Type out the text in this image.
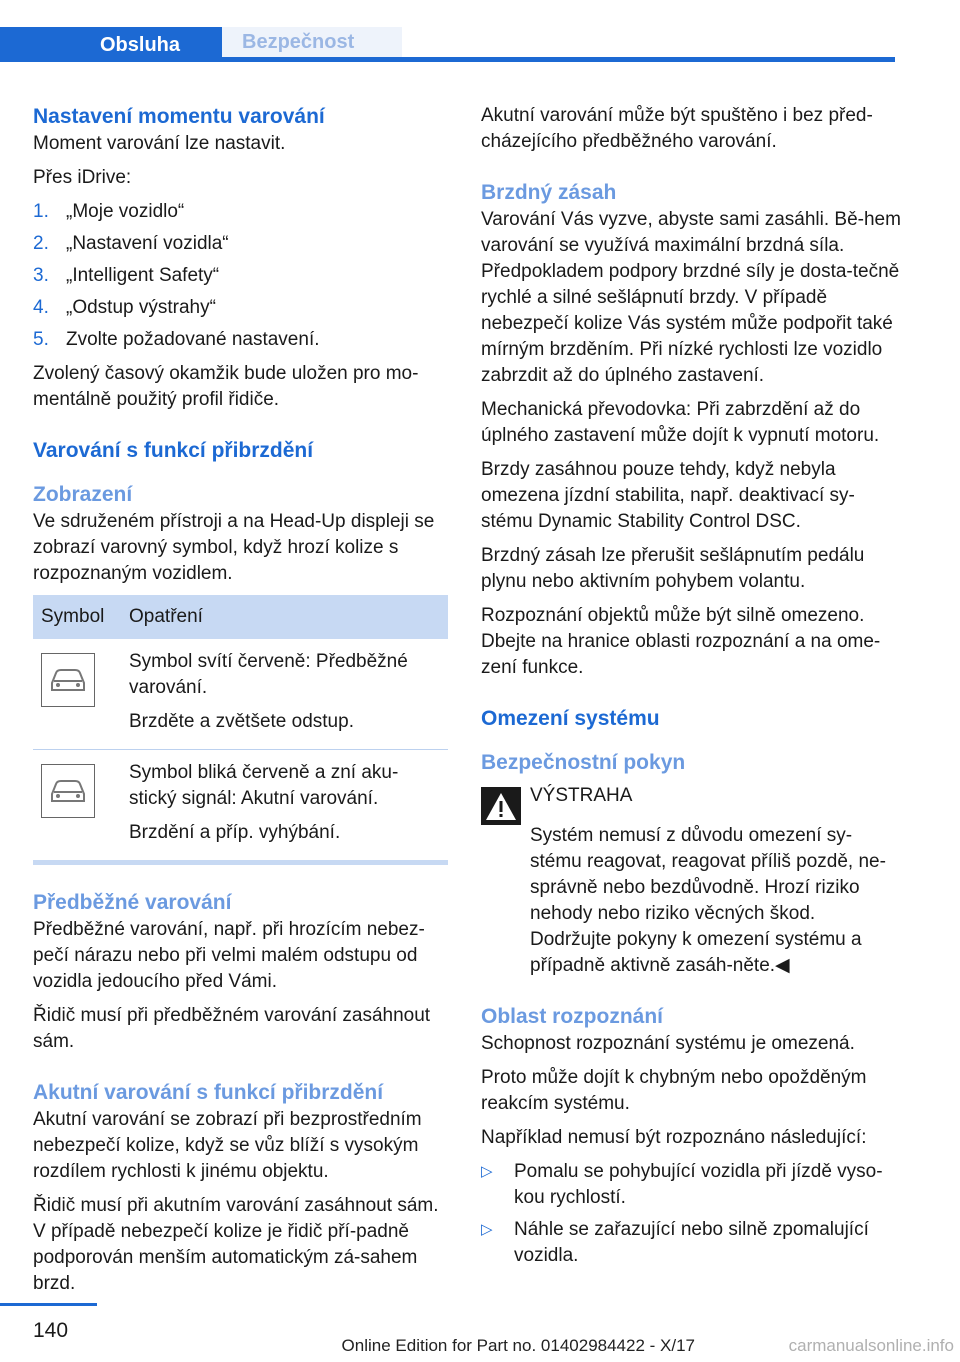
Obsluha	Bezpečnost
Nastavení momentu varování

Moment varování lze nastavit.

Přes iDrive:

1. „Moje vozidlo“
2. „Nastavení vozidla“
3. „Intelligent Safety“
4. „Odstup výstrahy“
5. Zvolte požadované nastavení.

Zvolený časový okamžik bude uložen pro mo‐mentálně použitý profil řidiče.

Varování s funkcí přibrzdění
Zobrazení

Ve sdruženém přístroji a na Head-Up displeji se zobrazí varovný symbol, když hrozí kolize s rozpoznaným vozidlem.

Symbol	Opatření

Symbol svítí červeně: Předběžné varování.

Brzděte a zvětšete odstup.

Symbol bliká červeně a zní aku‐stický signál: Akutní varování.

Brzdění a příp. vyhýbání.

Předběžné varování

Předběžné varování, např. při hrozícím nebez‐pečí nárazu nebo při velmi malém odstupu od vozidla jedoucího před Vámi.

Řidič musí při předběžném varování zasáhnout sám.

Akutní varování s funkcí přibrzdění

Akutní varování se zobrazí při bezprostředním nebezpečí kolize, když se vůz blíží s vysokým rozdílem rychlosti k jinému objektu.

Řidič musí při akutním varování zasáhnout sám. V případě nebezpečí kolize je řidič pří‐padně podporován menším automatickým zá‐sahem brzd.

Akutní varování může být spuštěno i bez před‐cházejícího předběžného varování.

Brzdný zásah

Varování Vás vyzve, abyste sami zasáhli. Bě‐hem varování se využívá maximální brzdná síla. Předpokladem podpory brzdné síly je dosta‐tečně rychlé a silné sešlápnutí brzdy. V případě nebezpečí kolize Vás systém může podpořit také mírným brzděním. Při nízké rychlosti lze vozidlo zabrzdit až do úplného zastavení.

Mechanická převodovka: Při zabrzdění až do úplného zastavení může dojít k vypnutí motoru.

Brzdy zasáhnou pouze tehdy, když nebyla omezena jízdní stabilita, např. deaktivací sy‐stému Dynamic Stability Control DSC.

Brzdný zásah lze přerušit sešlápnutím pedálu plynu nebo aktivním pohybem volantu.

Rozpoznání objektů může být silně omezeno. Dbejte na hranice oblasti rozpoznání a na ome‐zení funkce.

Omezení systému
Bezpečnostní pokyn
VÝSTRAHA

Systém nemusí z důvodu omezení sy‐stému reagovat, reagovat příliš pozdě, ne‐správně nebo bezdůvodně. Hrozí riziko nehody nebo riziko věcných škod. Dodržujte pokyny k omezení systému a případně aktivně zasáh‐něte.◀

Oblast rozpoznání

Schopnost rozpoznání systému je omezená.

Proto může dojít k chybným nebo opožděným reakcím systému.

Například nemusí být rozpoznáno následující:

▷	Pomalu se pohybující vozidla při jízdě vyso‐kou rychlostí.
▷	Náhle se zařazující nebo silně zpomalující vozidla.
140
Online Edition for Part no. 01402984422 - X/17	carmanualsonline.info
